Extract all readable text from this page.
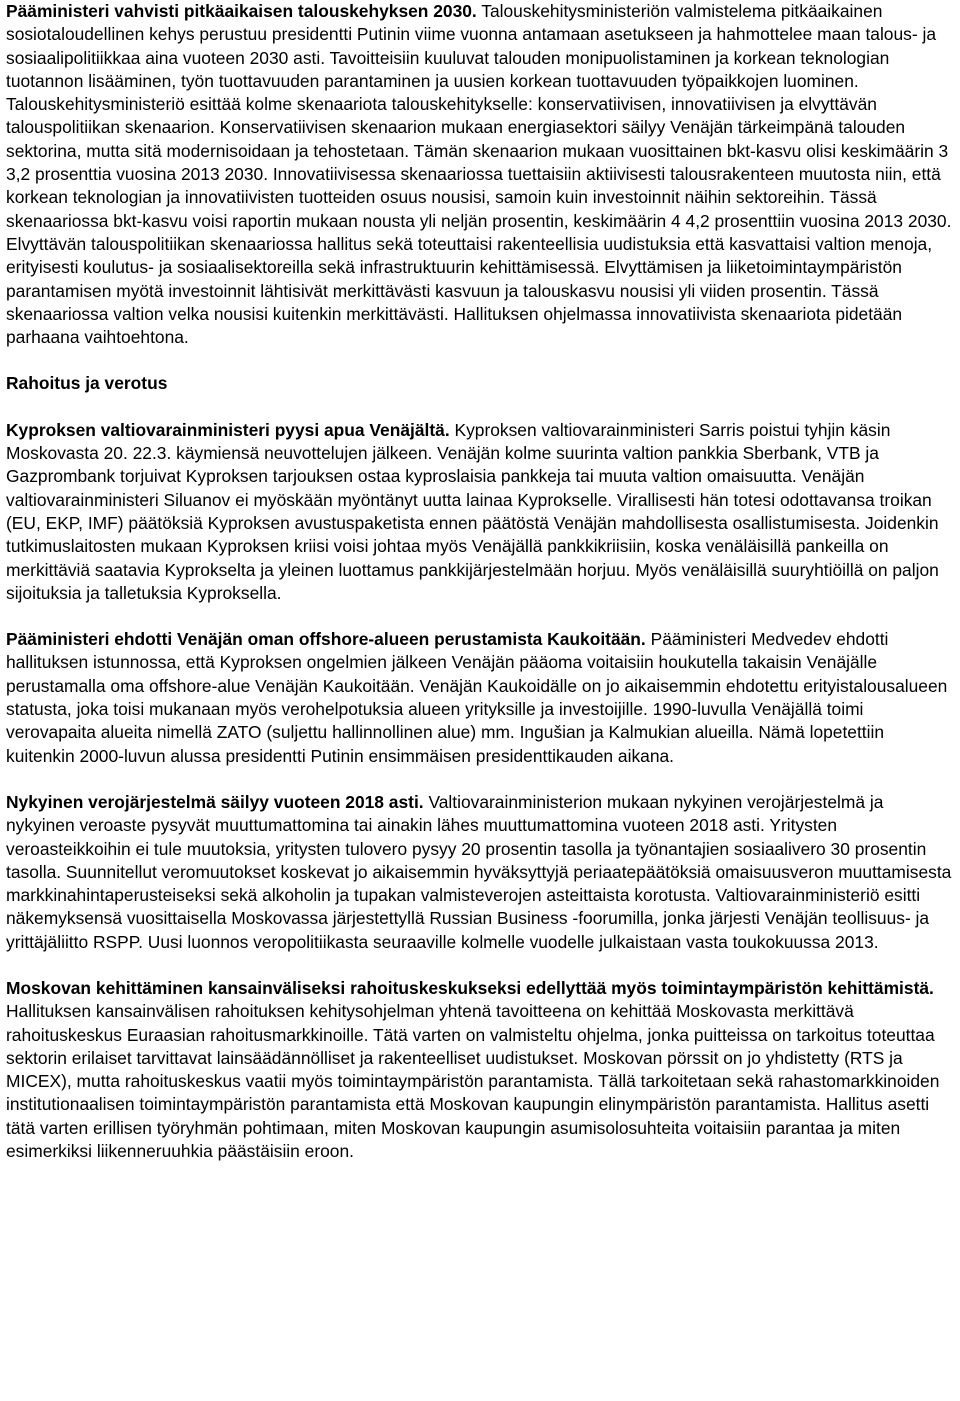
Pääministeri vahvisti pitkäaikaisen talouskehyksen 2030. Talouskehitysministeriön valmistelema pitkäaikainen sosiotaloudellinen kehys perustuu presidentti Putinin viime vuonna antamaan asetukseen ja hahmottelee maan talous- ja sosiaalipolitiikkaa aina vuoteen 2030 asti. Tavoitteisiin kuuluvat talouden monipuolistaminen ja korkean teknologian tuotannon lisääminen, työn tuottavuuden parantaminen ja uusien korkean tuottavuuden työpaikkojen luominen. Talouskehitysministeriö esittää kolme skenaariota talouskehitykselle: konservatiivisen, innovatiivisen ja elvyttävän talouspolitiikan skenaarion. Konservatiivisen skenaarion mukaan energiasektori säilyy Venäjän tärkeimpänä talouden sektorina, mutta sitä modernisoidaan ja tehostetaan. Tämän skenaarion mukaan vuosittainen bkt-kasvu olisi keskimäärin 3 3,2 prosenttia vuosina 2013 2030. Innovatiivisessa skenaariossa tuettaisiin aktiivisesti talousrakenteen muutosta niin, että korkean teknologian ja innovatiivisten tuotteiden osuus nousisi, samoin kuin investoinnit näihin sektoreihin. Tässä skenaariossa bkt-kasvu voisi raportin mukaan nousta yli neljän prosentin, keskimäärin 4 4,2 prosenttiin vuosina 2013 2030. Elvyttävän talouspolitiikan skenaariossa hallitus sekä toteuttaisi rakenteellisia uudistuksia että kasvattaisi valtion menoja, erityisesti koulutus- ja sosiaalisektoreilla sekä infrastruktuurin kehittämisessä. Elvyttämisen ja liiketoimintaympäristön parantamisen myötä investoinnit lähtisivät merkittävästi kasvuun ja talouskasvu nousisi yli viiden prosentin. Tässä skenaariossa valtion velka nousisi kuitenkin merkittävästi. Hallituksen ohjelmassa innovatiivista skenaariota pidetään parhaana vaihtoehtona.

Rahoitus ja verotus

Kyproksen valtiovarainministeri pyysi apua Venäjältä. Kyproksen valtiovarainministeri Sarris poistui tyhjin käsin Moskovasta 20. 22.3. käymiensä neuvottelujen jälkeen. Venäjän kolme suurinta valtion pankkia Sberbank, VTB ja Gazprombank torjuivat Kyproksen tarjouksen ostaa kyproslaisia pankkeja tai muuta valtion omaisuutta. Venäjän valtiovarainministeri Siluanov ei myöskään myöntänyt uutta lainaa Kyprokselle. Virallisesti hän totesi odottavansa troikan (EU, EKP, IMF) päätöksiä Kyproksen avustuspaketista ennen päätöstä Venäjän mahdollisesta osallistumisesta. Joidenkin tutkimuslaitosten mukaan Kyproksen kriisi voisi johtaa myös Venäjällä pankkikriisiin, koska venäläisillä pankeilla on merkittäviä saatavia Kyprokselta ja yleinen luottamus pankkijärjestelmään horjuu. Myös venäläisillä suuryhtiöillä on paljon sijoituksia ja talletuksia Kyproksella.

Pääministeri ehdotti Venäjän oman offshore-alueen perustamista Kaukoitään. Pääministeri Medvedev ehdotti hallituksen istunnossa, että Kyproksen ongelmien jälkeen Venäjän pääoma voitaisiin houkutella takaisin Venäjälle perustamalla oma offshore-alue Venäjän Kaukoitään. Venäjän Kaukoidälle on jo aikaisemmin ehdotettu erityistalousalueen statusta, joka toisi mukanaan myös verohelpotuksia alueen yrityksille ja investoijille. 1990-luvulla Venäjällä toimi verovapaita alueita nimellä ZATO (suljettu hallinnollinen alue) mm. Ingušian ja Kalmukian alueilla. Nämä lopetettiin kuitenkin 2000-luvun alussa presidentti Putinin ensimmäisen presidenttikauden aikana.

Nykyinen verojärjestelmä säilyy vuoteen 2018 asti. Valtiovarainministerion mukaan nykyinen verojärjestelmä ja nykyinen veroaste pysyvät muuttumattomina tai ainakin lähes muuttumattomina vuoteen 2018 asti. Yritysten veroasteikkoihin ei tule muutoksia, yritysten tulovero pysyy 20 prosentin tasolla ja työnantajien sosiaalivero 30 prosentin tasolla. Suunnitellut veromuutokset koskevat jo aikaisemmin hyväksyttyjä periaatepäätöksiä omaisuusveron muuttamisesta markkinahintaperusteiseksi sekä alkoholin ja tupakan valmisteverojen asteittaista korotusta. Valtiovarainministeriö esitti näkemyksensä vuosittaisella Moskovassa järjestettyllä Russian Business -foorumilla, jonka järjesti Venäjän teollisuus- ja yrittäjäliitto RSPP. Uusi luonnos veropolitiikasta seuraaville kolmelle vuodelle julkaistaan vasta toukokuussa 2013.

Moskovan kehittäminen kansainväliseksi rahoituskeskukseksi edellyttää myös toimintaympäristön kehittämistä. Hallituksen kansainvälisen rahoituksen kehitysohjelman yhtenä tavoitteena on kehittää Moskovasta merkittävä rahoituskeskus Euraasian rahoitusmarkkinoille. Tätä varten on valmisteltu ohjelma, jonka puitteissa on tarkoitus toteuttaa sektorin erilaiset tarvittavat lainsäädännölliset ja rakenteelliset uudistukset. Moskovan pörssit on jo yhdistetty (RTS ja MICEX), mutta rahoituskeskus vaatii myös toimintaympäristön parantamista. Tällä tarkoitetaan sekä rahastomarkkinoiden institutionaalisen toimintaympäristön parantamista että Moskovan kaupungin elinympäristön parantamista. Hallitus asetti tätä varten erillisen työryhmän pohtimaan, miten Moskovan kaupungin asumisolosuhteita voitaisiin parantaa ja miten esimerkiksi liikenneruuhkia päästäisiin eroon.
